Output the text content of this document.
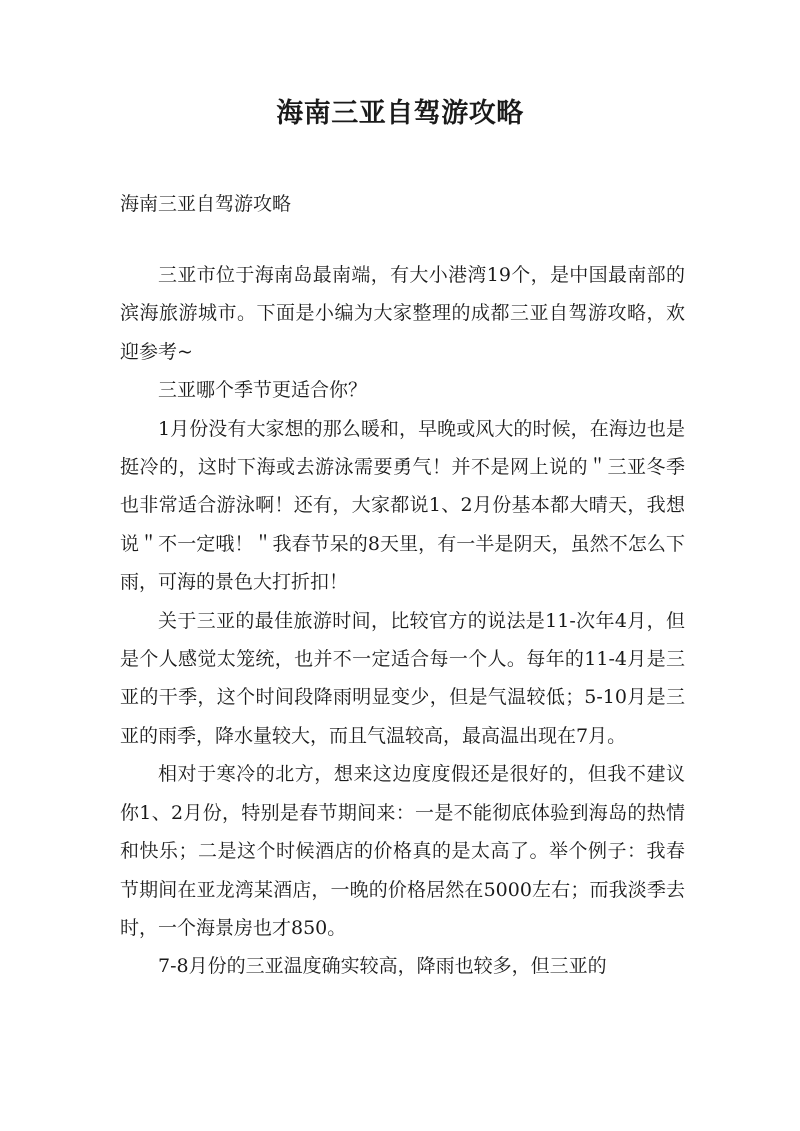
海南三亚自驾游攻略

海南三亚自驾游攻略

三亚市位于海南岛最南端，有大小港湾19个，是中国最南部的滨海旅游城市。下面是小编为大家整理的成都三亚自驾游攻略，欢迎参考~

三亚哪个季节更适合你？

1月份没有大家想的那么暖和，早晚或风大的时候，在海边也是挺冷的，这时下海或去游泳需要勇气！并不是网上说的＂三亚冬季也非常适合游泳啊！还有，大家都说1、2月份基本都大晴天，我想说＂不一定哦！＂我春节呆的8天里，有一半是阴天，虽然不怎么下雨，可海的景色大打折扣！

关于三亚的最佳旅游时间，比较官方的说法是11-次年4月，但是个人感觉太笼统，也并不一定适合每一个人。每年的11-4月是三亚的干季，这个时间段降雨明显变少，但是气温较低；5-10月是三亚的雨季，降水量较大，而且气温较高，最高温出现在7月。

相对于寒冷的北方，想来这边度度假还是很好的，但我不建议你1、2月份，特别是春节期间来：一是不能彻底体验到海岛的热情和快乐；二是这个时候酒店的价格真的是太高了。举个例子：我春节期间在亚龙湾某酒店，一晚的价格居然在5000左右；而我淡季去时，一个海景房也才850。

7-8月份的三亚温度确实较高，降雨也较多，但三亚的
